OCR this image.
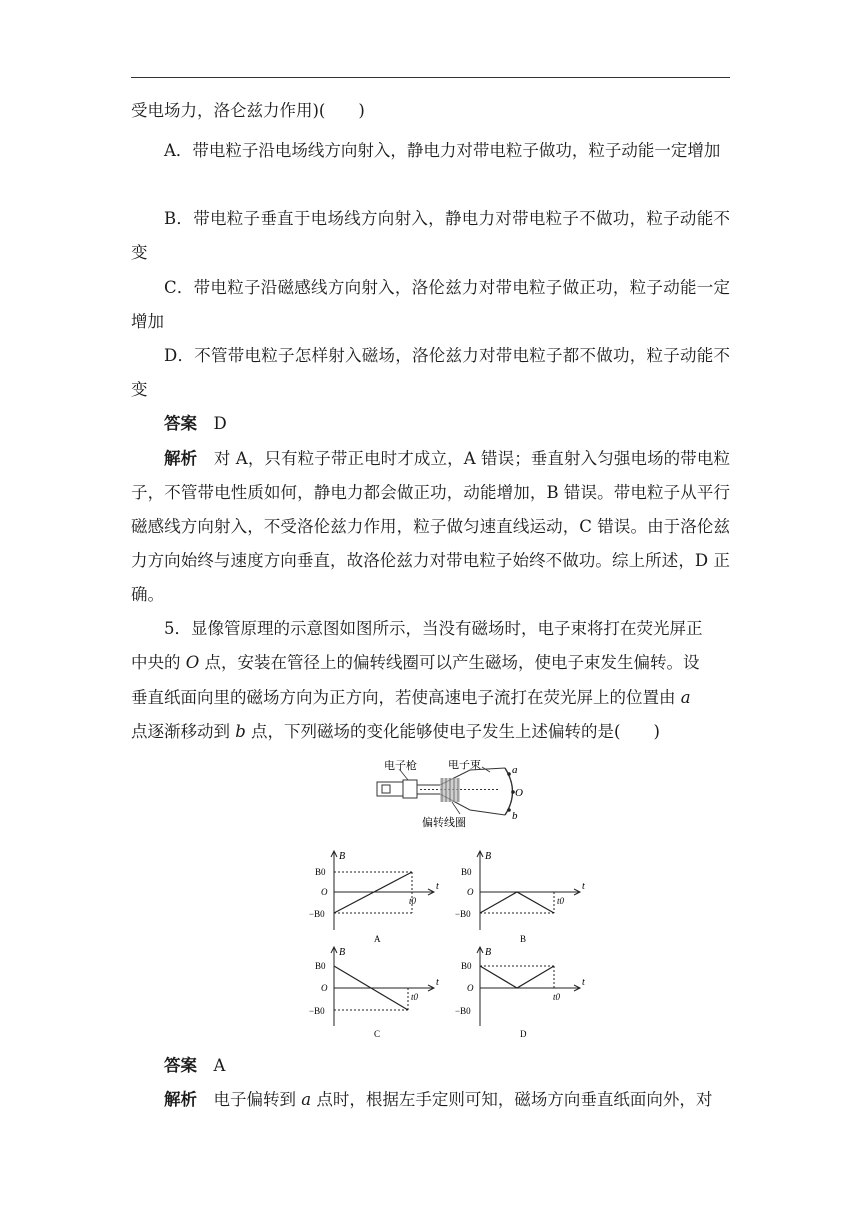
受电场力，洛仑兹力作用)(　　)

A．带电粒子沿电场线方向射入，静电力对带电粒子做功，粒子动能一定增加

B．带电粒子垂直于电场线方向射入，静电力对带电粒子不做功，粒子动能不变

C．带电粒子沿磁感线方向射入，洛伦兹力对带电粒子做正功，粒子动能一定增加

D．不管带电粒子怎样射入磁场，洛伦兹力对带电粒子都不做功，粒子动能不变

答案　 D

解析　 对 A，只有粒子带正电时才成立，A 错误；垂直射入匀强电场的带电粒子，不管带电性质如何，静电力都会做正功，动能增加，B 错误。带电粒子从平行磁感线方向射入，不受洛伦兹力作用，粒子做匀速直线运动，C 错误。由于洛伦兹力方向始终与速度方向垂直，故洛伦兹力对带电粒子始终不做功。综上所述，D 正确。

5．显像管原理的示意图如图所示，当没有磁场时，电子束将打在荧光屏正

中央的 O 点，安装在管径上的偏转线圈可以产生磁场，使电子束发生偏转。设

垂直纸面向里的磁场方向为正方向，若使高速电子流打在荧光屏上的位置由 a

点逐渐移动到 b 点，下列磁场的变化能够使电子发生上述偏转的是(　　)

电子枪	电子束
偏转线圈
a
O
b
B
t
B0
O
−B0
t0
A
B
t
B0
O
−B0
t0
B
B
t
B0
O
−B0
t0
C
B
t
B0
O
−B0
t0
D

答案　 A

解析　 电子偏转到 a 点时，根据左手定则可知，磁场方向垂直纸面向外，对
